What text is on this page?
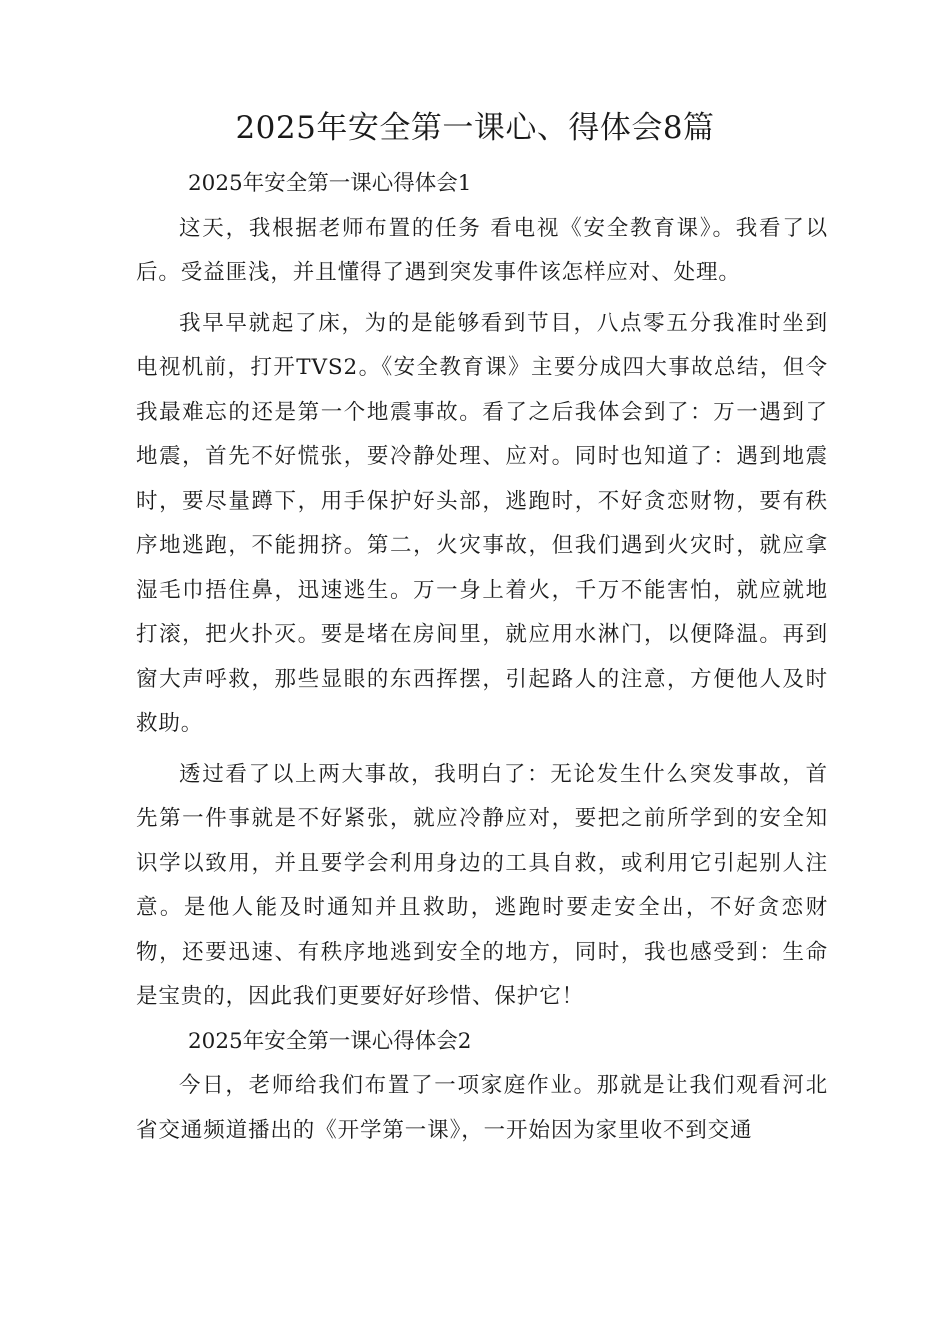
2025年安全第一课心、得体会8篇
2025年安全第一课心得体会1

这天，我根据老师布置的任务 看电视《安全教育课》。我看了以后。受益匪浅，并且懂得了遇到突发事件该怎样应对、处理。

我早早就起了床，为的是能够看到节目，八点零五分我准时坐到电视机前，打开TVS2。《安全教育课》主要分成四大事故总结，但令我最难忘的还是第一个地震事故。看了之后我体会到了：万一遇到了地震，首先不好慌张，要冷静处理、应对。同时也知道了：遇到地震时，要尽量蹲下，用手保护好头部，逃跑时，不好贪恋财物，要有秩序地逃跑，不能拥挤。第二，火灾事故，但我们遇到火灾时，就应拿湿毛巾捂住鼻，迅速逃生。万一身上着火，千万不能害怕，就应就地打滚，把火扑灭。要是堵在房间里，就应用水淋门，以便降温。再到窗大声呼救，那些显眼的东西挥摆，引起路人的注意，方便他人及时救助。

透过看了以上两大事故，我明白了：无论发生什么突发事故，首先第一件事就是不好紧张，就应冷静应对，要把之前所学到的安全知识学以致用，并且要学会利用身边的工具自救，或利用它引起别人注意。是他人能及时通知并且救助，逃跑时要走安全出，不好贪恋财物，还要迅速、有秩序地逃到安全的地方，同时，我也感受到：生命是宝贵的，因此我们更要好好珍惜、保护它！

2025年安全第一课心得体会2

今日，老师给我们布置了一项家庭作业。那就是让我们观看河北省交通频道播出的《开学第一课》，一开始因为家里收不到交通
